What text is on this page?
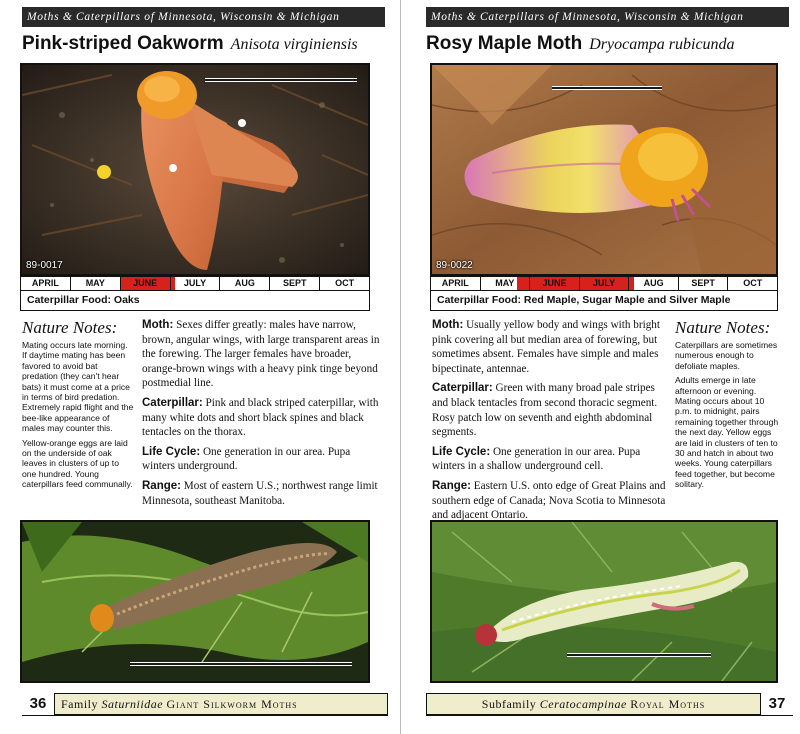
Moths & Caterpillars of Minnesota, Wisconsin & Michigan
Pink-striped Oakworm Anisota virginiensis
89-0017
APRIL	MAY	JUNE	JULY	AUG	SEPT	OCT
Caterpillar Food: Oaks
Nature Notes:

Mating occurs late morning. If daytime mating has been favored to avoid bat predation (they can't hear bats) it must come at a price in terms of bird predation. Extremely rapid flight and the bee-like appearance of males may counter this.

Yellow-orange eggs are laid on the underside of oak leaves in clusters of up to one hundred. Young caterpillars feed communally.

Moth: Sexes differ greatly: males have narrow, brown, angular wings, with large transparent areas in the forewing. The larger females have broader, orange-brown wings with a heavy pink tinge beyond postmedial line.

Caterpillar: Pink and black striped caterpillar, with many white dots and short black spines and black tentacles on the thorax.

Life Cycle: One generation in our area. Pupa winters underground.

Range: Most of eastern U.S.; northwest range limit Minnesota, southeast Manitoba.

36	Family Saturniidae Giant Silkworm Moths
Moths & Caterpillars of Minnesota, Wisconsin & Michigan
Rosy Maple Moth Dryocampa rubicunda
89-0022
APRIL	MAY	JUNE	JULY	AUG	SEPT	OCT
Caterpillar Food: Red Maple, Sugar Maple and Silver Maple

Moth: Usually yellow body and wings with bright pink covering all but median area of forewing, but sometimes absent. Females have simple and males bipectinate, antennae.

Caterpillar: Green with many broad pale stripes and black tentacles from second thoracic segment. Rosy patch low on seventh and eighth abdominal segments.

Life Cycle: One generation in our area. Pupa winters in a shallow underground cell.

Range: Eastern U.S. onto edge of Great Plains and southern edge of Canada; Nova Scotia to Minnesota and adjacent Ontario.

Nature Notes:

Caterpillars are sometimes numerous enough to defoliate maples.

Adults emerge in late afternoon or evening. Mating occurs about 10 p.m. to midnight, pairs remaining together through the next day. Yellow eggs are laid in clusters of ten to 30 and hatch in about two weeks. Young caterpillars feed together, but become solitary.

Subfamily Ceratocampinae Royal Moths	37
